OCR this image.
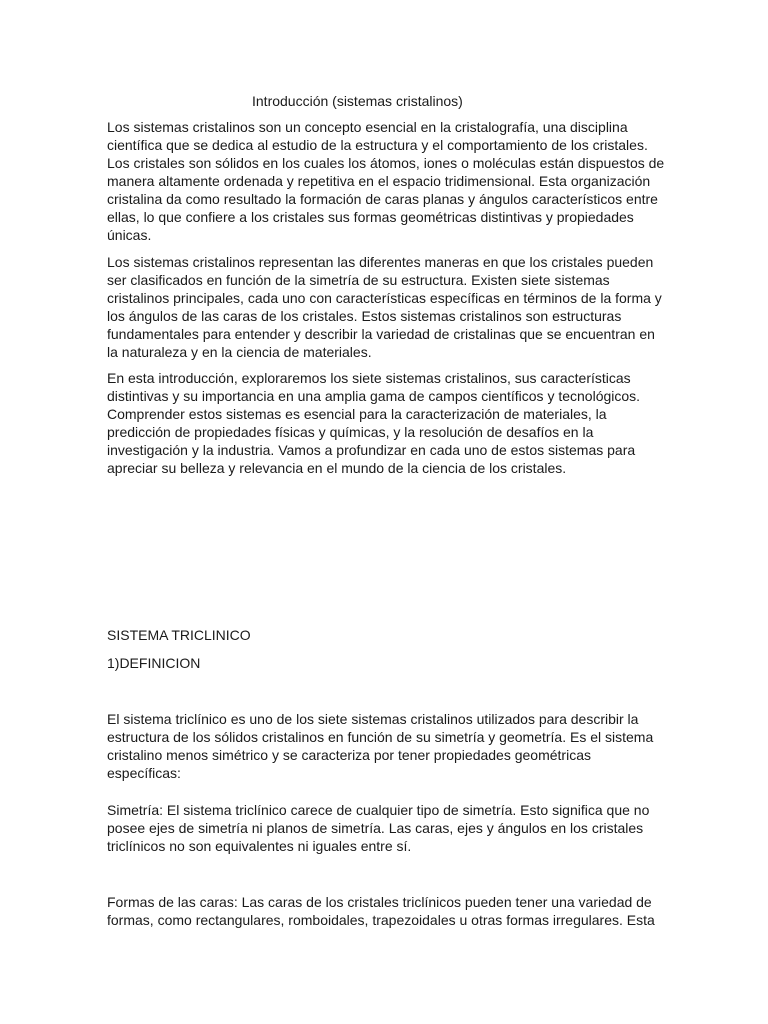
Introducción (sistemas cristalinos)

Los sistemas cristalinos son un concepto esencial en la cristalografía, una disciplina científica que se dedica al estudio de la estructura y el comportamiento de los cristales. Los cristales son sólidos en los cuales los átomos, iones o moléculas están dispuestos de manera altamente ordenada y repetitiva en el espacio tridimensional. Esta organización cristalina da como resultado la formación de caras planas y ángulos característicos entre ellas, lo que confiere a los cristales sus formas geométricas distintivas y propiedades únicas.

Los sistemas cristalinos representan las diferentes maneras en que los cristales pueden ser clasificados en función de la simetría de su estructura. Existen siete sistemas cristalinos principales, cada uno con características específicas en términos de la forma y los ángulos de las caras de los cristales. Estos sistemas cristalinos son estructuras fundamentales para entender y describir la variedad de cristalinas que se encuentran en la naturaleza y en la ciencia de materiales.

En esta introducción, exploraremos los siete sistemas cristalinos, sus características distintivas y su importancia en una amplia gama de campos científicos y tecnológicos. Comprender estos sistemas es esencial para la caracterización de materiales, la predicción de propiedades físicas y químicas, y la resolución de desafíos en la investigación y la industria. Vamos a profundizar en cada uno de estos sistemas para apreciar su belleza y relevancia en el mundo de la ciencia de los cristales.

SISTEMA TRICLINICO

1)DEFINICION

El sistema triclínico es uno de los siete sistemas cristalinos utilizados para describir la estructura de los sólidos cristalinos en función de su simetría y geometría. Es el sistema cristalino menos simétrico y se caracteriza por tener propiedades geométricas específicas:

Simetría: El sistema triclínico carece de cualquier tipo de simetría. Esto significa que no posee ejes de simetría ni planos de simetría. Las caras, ejes y ángulos en los cristales triclínicos no son equivalentes ni iguales entre sí.

Formas de las caras: Las caras de los cristales triclínicos pueden tener una variedad de formas, como rectangulares, romboidales, trapezoidales u otras formas irregulares. Esta
